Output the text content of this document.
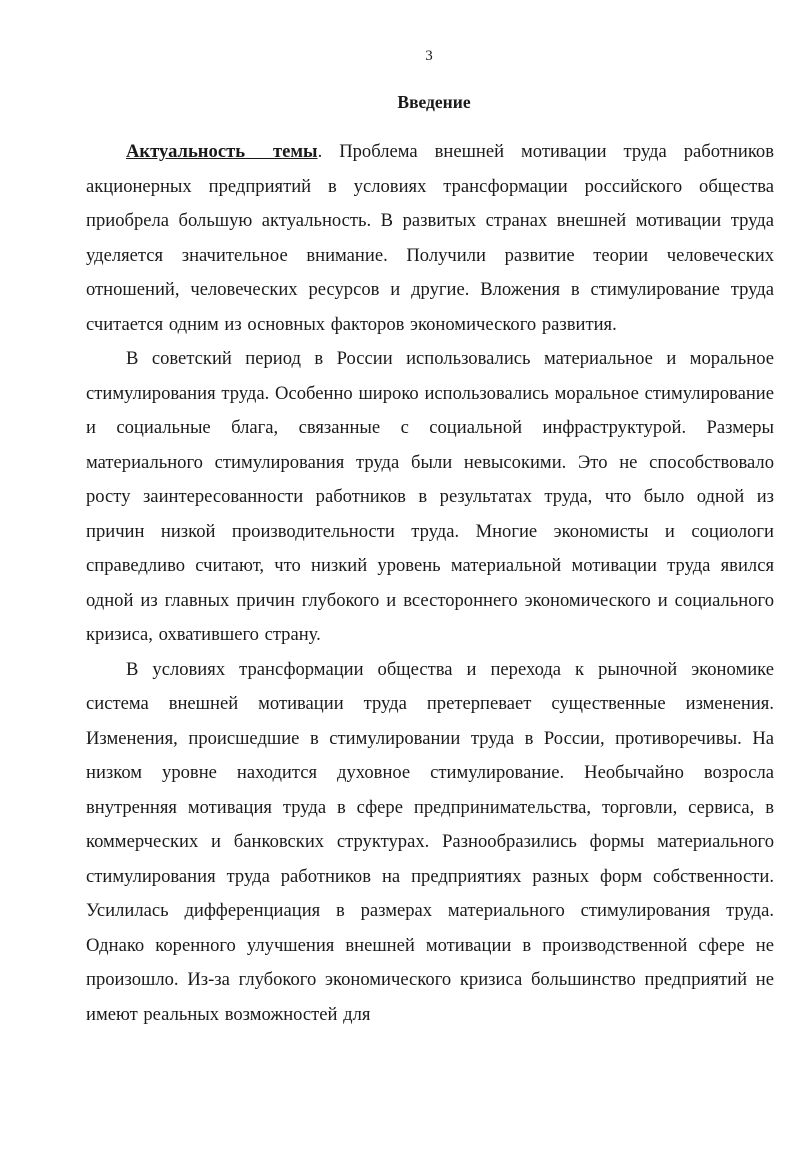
3
Введение

Актуальность темы. Проблема внешней мотивации труда работников акционерных предприятий в условиях трансформации российского общества приобрела большую актуальность. В развитых странах внешней мотивации труда уделяется значительное внимание. Получили развитие теории человеческих отношений, человеческих ресурсов и другие. Вложения в стимулирование труда считается одним из основных факторов экономического развития.

В советский период в России использовались материальное и моральное стимулирования труда. Особенно широко использовались моральное стимулирование и социальные блага, связанные с социальной инфраструктурой. Размеры материального стимулирования труда были невысокими. Это не способствовало росту заинтересованности работников в результатах труда, что было одной из причин низкой производительности труда. Многие экономисты и социологи справедливо считают, что низкий уровень материальной мотивации труда явился одной из главных причин глубокого и всестороннего экономического и социального кризиса, охватившего страну.

В условиях трансформации общества и перехода к рыночной экономике система внешней мотивации труда претерпевает существенные изменения. Изменения, происшедшие в стимулировании труда в России, противоречивы. На низком уровне находится духовное стимулирование. Необычайно возросла внутренняя мотивация труда в сфере предпринимательства, торговли, сервиса, в коммерческих и банковских структурах. Разнообразились формы материального стимулирования труда работников на предприятиях разных форм собственности. Усилилась дифференциация в размерах материального стимулирования труда. Однако коренного улучшения внешней мотивации в производственной сфере не произошло. Из-за глубокого экономического кризиса большинство предприятий не имеют реальных возможностей для
